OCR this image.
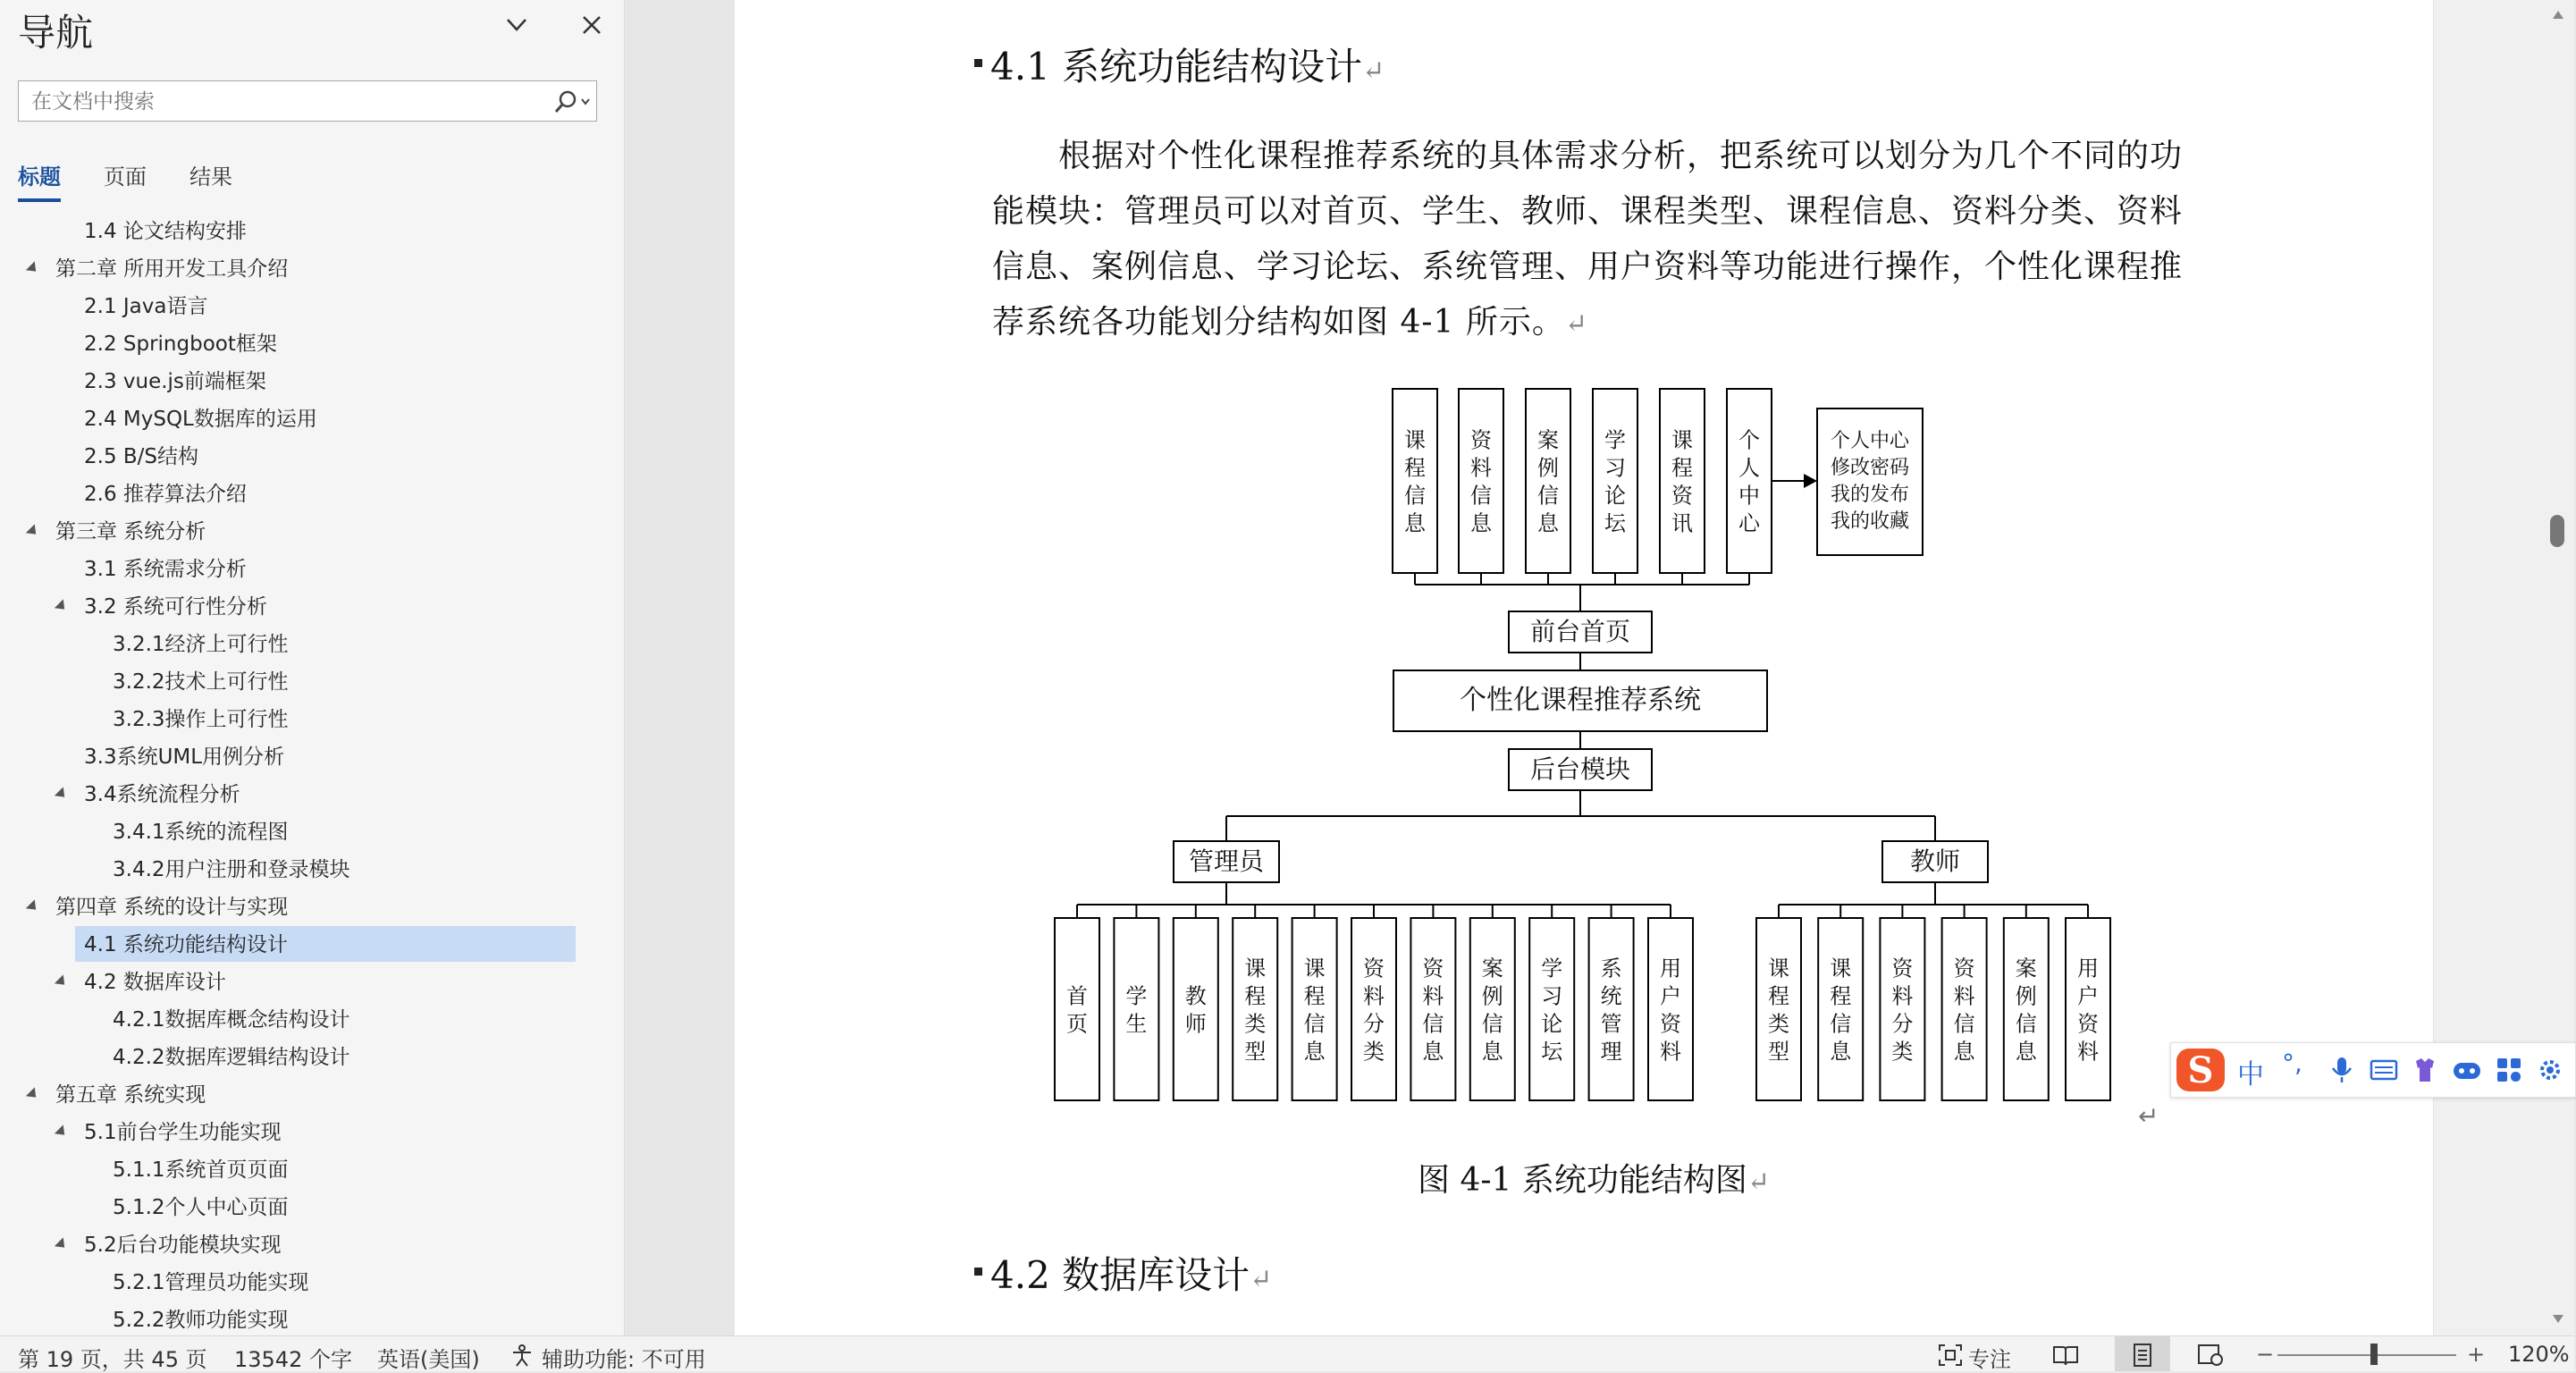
导航
在文档中搜索
标题 页面 结果
1.4 论文结构安排
第二章 所用开发工具介绍
2.1 Java语言
2.2 Springboot框架
2.3 vue.js前端框架
2.4 MySQL数据库的运用
2.5 B/S结构
2.6 推荐算法介绍
第三章 系统分析
3.1 系统需求分析
3.2 系统可行性分析
3.2.1经济上可行性
3.2.2技术上可行性
3.2.3操作上可行性
3.3系统UML用例分析
3.4系统流程分析
3.4.1系统的流程图
3.4.2用户注册和登录模块
第四章 系统的设计与实现
4.1 系统功能结构设计
4.2 数据库设计
4.2.1数据库概念结构设计
4.2.2数据库逻辑结构设计
第五章 系统实现
5.1前台学生功能实现
5.1.1系统首页页面
5.1.2个人中心页面
5.2后台功能模块实现
5.2.1管理员功能实现
5.2.2教师功能实现
4.1 系统功能结构设计↵
　　根据对个性化课程推荐系统的具体需求分析，把系统可以划分为几个不同的功能模块：管理员可以对首页、学生、教师、课程类型、课程信息、资料分类、资料信息、案例信息、学习论坛、系统管理、用户资料等功能进行操作，个性化课程推荐系统各功能划分结构如图 4-1 所示。↵
课
程
信
息
资
料
信
息
案
例
信
息
学
习
论
坛
课
程
资
讯
个
人
中
心
个人中心
修改密码
我的发布
我的收藏
前台首页
个性化课程推荐系统
后台模块
管理员	教师
首
页
学
生
教
师
课
程
类
型
课
程
信
息
资
料
分
类
资
料
信
息
案
例
信
息
学
习
论
坛
系
统
管
理
用
户
资
料
课
程
类
型
课
程
信
息
资
料
分
类
资
料
信
息
案
例
信
息
用
户
资
料
↵
图 4-1 系统功能结构图↵
4.2 数据库设计↵
S 中 °,
第 19 页，共 45 页 13542 个字 英语(美国)	辅助功能: 不可用	专注	−	+ 120%
